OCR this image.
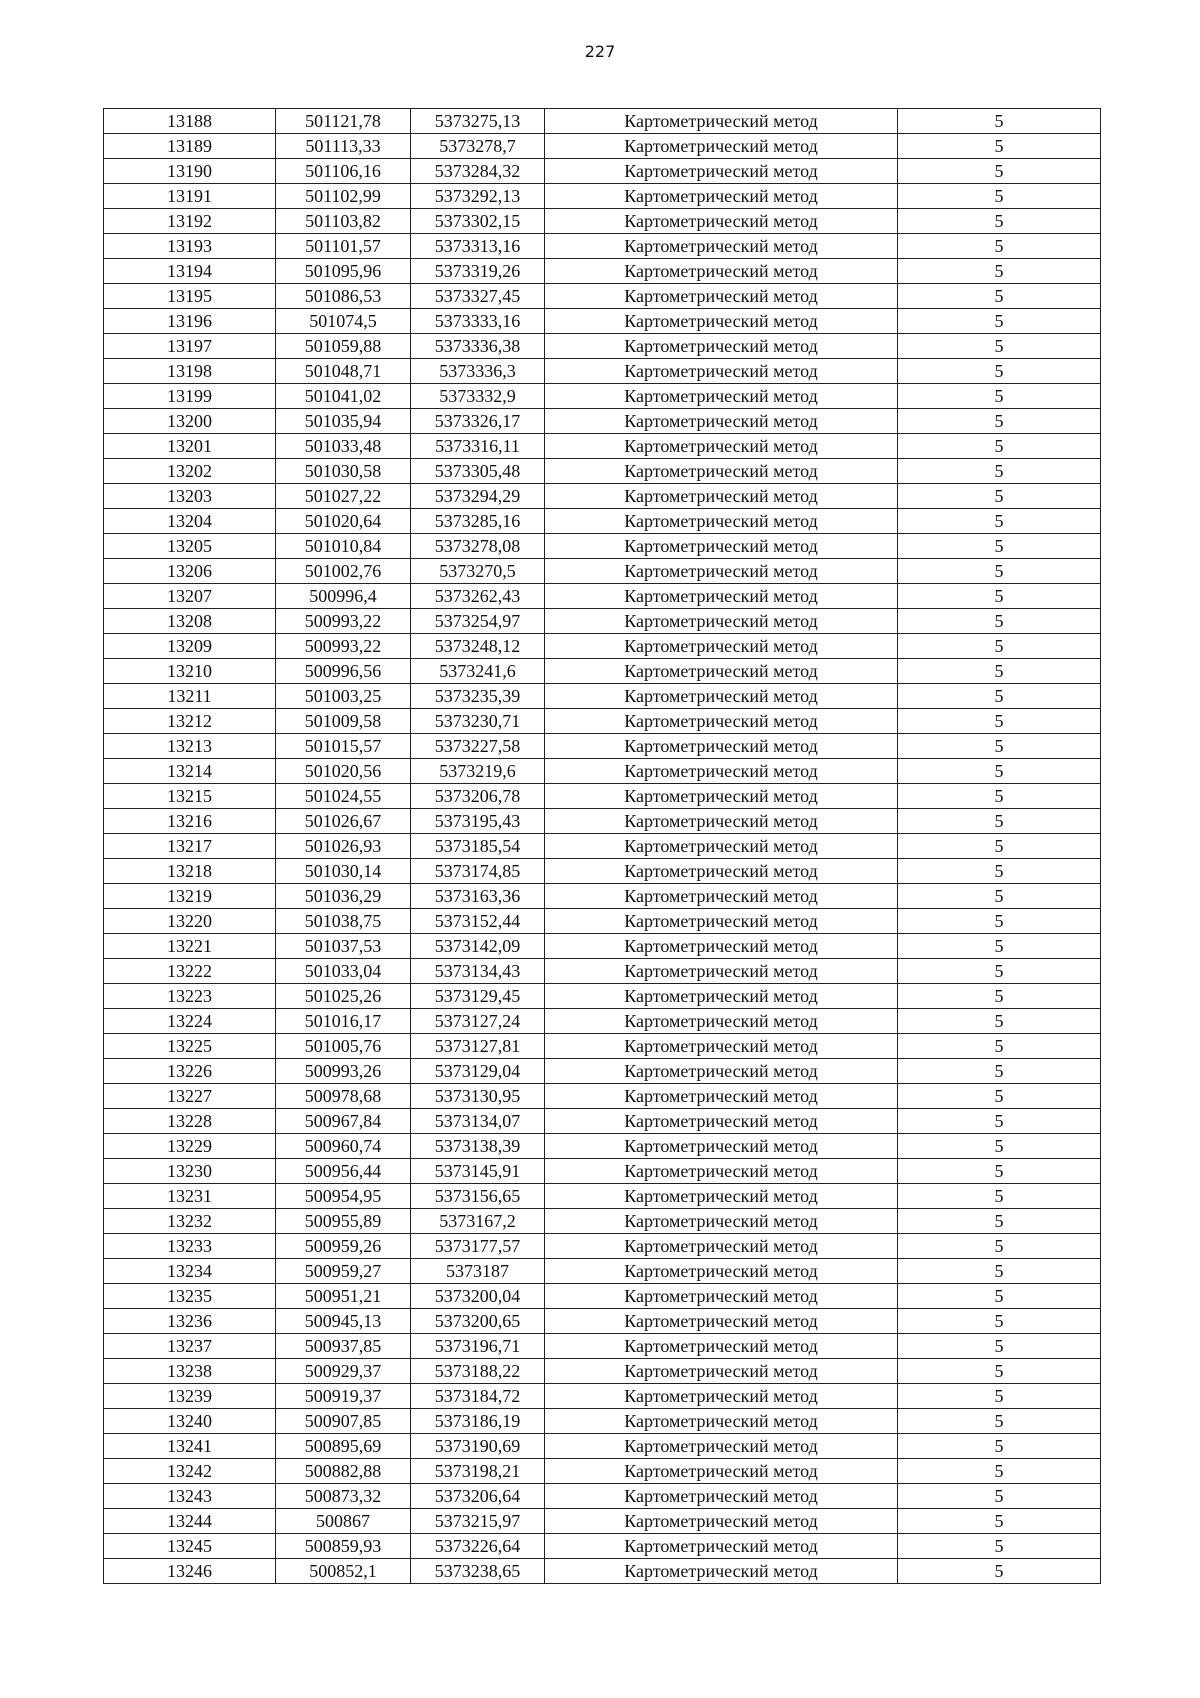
227
13188	501121,78	5373275,13	Картометрический метод	5
13189	501113,33	5373278,7	Картометрический метод	5
13190	501106,16	5373284,32	Картометрический метод	5
13191	501102,99	5373292,13	Картометрический метод	5
13192	501103,82	5373302,15	Картометрический метод	5
13193	501101,57	5373313,16	Картометрический метод	5
13194	501095,96	5373319,26	Картометрический метод	5
13195	501086,53	5373327,45	Картометрический метод	5
13196	501074,5	5373333,16	Картометрический метод	5
13197	501059,88	5373336,38	Картометрический метод	5
13198	501048,71	5373336,3	Картометрический метод	5
13199	501041,02	5373332,9	Картометрический метод	5
13200	501035,94	5373326,17	Картометрический метод	5
13201	501033,48	5373316,11	Картометрический метод	5
13202	501030,58	5373305,48	Картометрический метод	5
13203	501027,22	5373294,29	Картометрический метод	5
13204	501020,64	5373285,16	Картометрический метод	5
13205	501010,84	5373278,08	Картометрический метод	5
13206	501002,76	5373270,5	Картометрический метод	5
13207	500996,4	5373262,43	Картометрический метод	5
13208	500993,22	5373254,97	Картометрический метод	5
13209	500993,22	5373248,12	Картометрический метод	5
13210	500996,56	5373241,6	Картометрический метод	5
13211	501003,25	5373235,39	Картометрический метод	5
13212	501009,58	5373230,71	Картометрический метод	5
13213	501015,57	5373227,58	Картометрический метод	5
13214	501020,56	5373219,6	Картометрический метод	5
13215	501024,55	5373206,78	Картометрический метод	5
13216	501026,67	5373195,43	Картометрический метод	5
13217	501026,93	5373185,54	Картометрический метод	5
13218	501030,14	5373174,85	Картометрический метод	5
13219	501036,29	5373163,36	Картометрический метод	5
13220	501038,75	5373152,44	Картометрический метод	5
13221	501037,53	5373142,09	Картометрический метод	5
13222	501033,04	5373134,43	Картометрический метод	5
13223	501025,26	5373129,45	Картометрический метод	5
13224	501016,17	5373127,24	Картометрический метод	5
13225	501005,76	5373127,81	Картометрический метод	5
13226	500993,26	5373129,04	Картометрический метод	5
13227	500978,68	5373130,95	Картометрический метод	5
13228	500967,84	5373134,07	Картометрический метод	5
13229	500960,74	5373138,39	Картометрический метод	5
13230	500956,44	5373145,91	Картометрический метод	5
13231	500954,95	5373156,65	Картометрический метод	5
13232	500955,89	5373167,2	Картометрический метод	5
13233	500959,26	5373177,57	Картометрический метод	5
13234	500959,27	5373187	Картометрический метод	5
13235	500951,21	5373200,04	Картометрический метод	5
13236	500945,13	5373200,65	Картометрический метод	5
13237	500937,85	5373196,71	Картометрический метод	5
13238	500929,37	5373188,22	Картометрический метод	5
13239	500919,37	5373184,72	Картометрический метод	5
13240	500907,85	5373186,19	Картометрический метод	5
13241	500895,69	5373190,69	Картометрический метод	5
13242	500882,88	5373198,21	Картометрический метод	5
13243	500873,32	5373206,64	Картометрический метод	5
13244	500867	5373215,97	Картометрический метод	5
13245	500859,93	5373226,64	Картометрический метод	5
13246	500852,1	5373238,65	Картометрический метод	5
